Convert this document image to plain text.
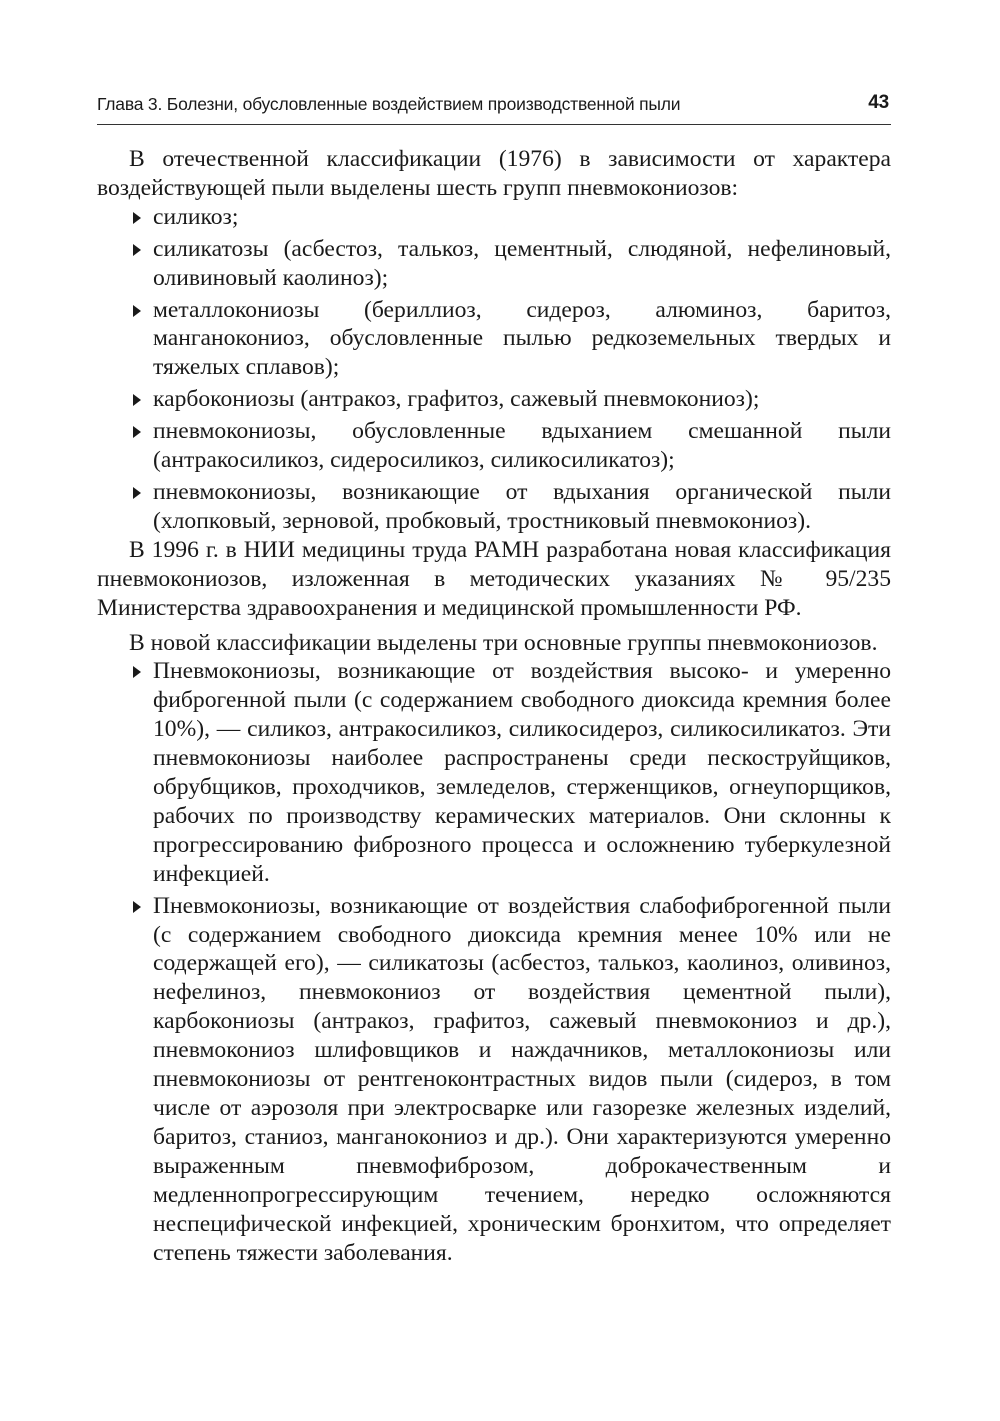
Глава 3. Болезни, обусловленные воздействием производственной пыли	43

В отечественной классификации (1976) в зависимости от характера воздействующей пыли выделены шесть групп пневмокониозов:

силикоз;
силикатозы (асбестоз, талькоз, цементный, слюдяной, нефелиновый, оливиновый каолиноз);
металлокониозы (бериллиоз, сидероз, алюминоз, баритоз, манганокониоз, обусловленные пылью редкоземельных твердых и тяжелых сплавов);
карбокониозы (антракоз, графитоз, сажевый пневмокониоз);
пневмокониозы, обусловленные вдыханием смешанной пыли (антракосиликоз, сидеросиликоз, силикосиликатоз);
пневмокониозы, возникающие от вдыхания органической пыли (хлопковый, зерновой, пробковый, тростниковый пневмокониоз).

В 1996 г. в НИИ медицины труда РАМН разработана новая классификация пневмокониозов, изложенная в методических указаниях № 95/235 Министерства здравоохранения и медицинской промышленности РФ.

В новой классификации выделены три основные группы пневмокониозов.

Пневмокониозы, возникающие от воздействия высоко- и умеренно фиброгенной пыли (с содержанием свободного диоксида кремния более 10%), — силикоз, антракосиликоз, силикосидероз, силикосиликатоз. Эти пневмокониозы наиболее распространены среди пескоструйщиков, обрубщиков, проходчиков, земледелов, стерженщиков, огнеупорщиков, рабочих по производству керамических материалов. Они склонны к прогрессированию фиброзного процесса и осложнению туберкулезной инфекцией.
Пневмокониозы, возникающие от воздействия слабофиброгенной пыли (с содержанием свободного диоксида кремния менее 10% или не содержащей его), — силикатозы (асбестоз, талькоз, каолиноз, оливиноз, нефелиноз, пневмокониоз от воздействия цементной пыли), карбокониозы (антракоз, графитоз, сажевый пневмокониоз и др.), пневмокониоз шлифовщиков и наждачников, металлокониозы или пневмокониозы от рентгеноконтрастных видов пыли (сидероз, в том числе от аэрозоля при электросварке или газорезке железных изделий, баритоз, станиоз, манганокониоз и др.). Они характеризуются умеренно выраженным пневмофиброзом, доброкачественным и медленнопрогрессирующим течением, нередко осложняются неспецифической инфекцией, хроническим бронхитом, что определяет степень тяжести заболевания.
